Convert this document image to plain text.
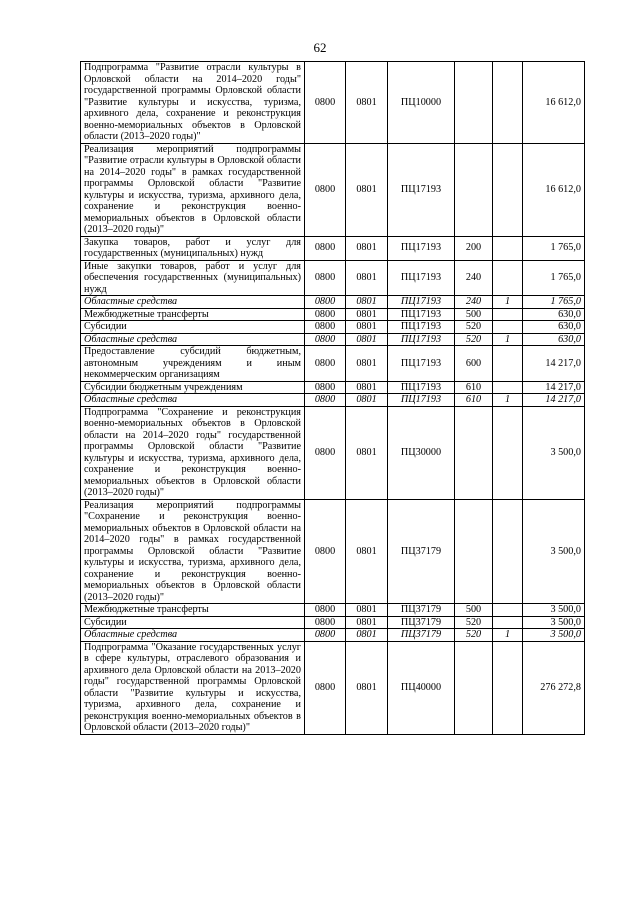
62
Подпрограмма "Развитие отрасли культуры в Орловской области на 2014–2020 годы" государственной программы Орловской области "Развитие культуры и искусства, туризма, архивного дела, сохранение и реконструкция военно-мемориальных объектов в Орловской области (2013–2020 годы)"	0800	0801	ПЦ10000			16 612,0
Реализация мероприятий подпрограммы "Развитие отрасли культуры в Орловской области на 2014–2020 годы" в рамках государственной программы Орловской области "Развитие культуры и искусства, туризма, архивного дела, сохранение и реконструкция военно-мемориальных объектов в Орловской области (2013–2020 годы)"	0800	0801	ПЦ17193			16 612,0
Закупка товаров, работ и услуг для государственных (муниципальных) нужд	0800	0801	ПЦ17193	200		1 765,0
Иные закупки товаров, работ и услуг для обеспечения государственных (муниципальных) нужд	0800	0801	ПЦ17193	240		1 765,0
Областные средства	0800	0801	ПЦ17193	240	1	1 765,0
Межбюджетные трансферты	0800	0801	ПЦ17193	500		630,0
Субсидии	0800	0801	ПЦ17193	520		630,0
Областные средства	0800	0801	ПЦ17193	520	1	630,0
Предоставление субсидий бюджетным, автономным учреждениям и иным некоммерческим организациям	0800	0801	ПЦ17193	600		14 217,0
Субсидии бюджетным учреждениям	0800	0801	ПЦ17193	610		14 217,0
Областные средства	0800	0801	ПЦ17193	610	1	14 217,0
Подпрограмма "Сохранение и реконструкция военно-мемориальных объектов в Орловской области на 2014–2020 годы" государственной программы Орловской области "Развитие культуры и искусства, туризма, архивного дела, сохранение и реконструкция военно-мемориальных объектов в Орловской области (2013–2020 годы)"	0800	0801	ПЦ30000			3 500,0
Реализация мероприятий подпрограммы "Сохранение и реконструкция военно-мемориальных объектов в Орловской области на 2014–2020 годы" в рамках государственной программы Орловской области "Развитие культуры и искусства, туризма, архивного дела, сохранение и реконструкция военно-мемориальных объектов в Орловской области (2013–2020 годы)"	0800	0801	ПЦ37179			3 500,0
Межбюджетные трансферты	0800	0801	ПЦ37179	500		3 500,0
Субсидии	0800	0801	ПЦ37179	520		3 500,0
Областные средства	0800	0801	ПЦ37179	520	1	3 500,0
Подпрограмма "Оказание государственных услуг в сфере культуры, отраслевого образования и архивного дела Орловской области на 2013–2020 годы" государственной программы Орловской области "Развитие культуры и искусства, туризма, архивного дела, сохранение и реконструкция военно-мемориальных объектов в Орловской области (2013–2020 годы)"	0800	0801	ПЦ40000			276 272,8
